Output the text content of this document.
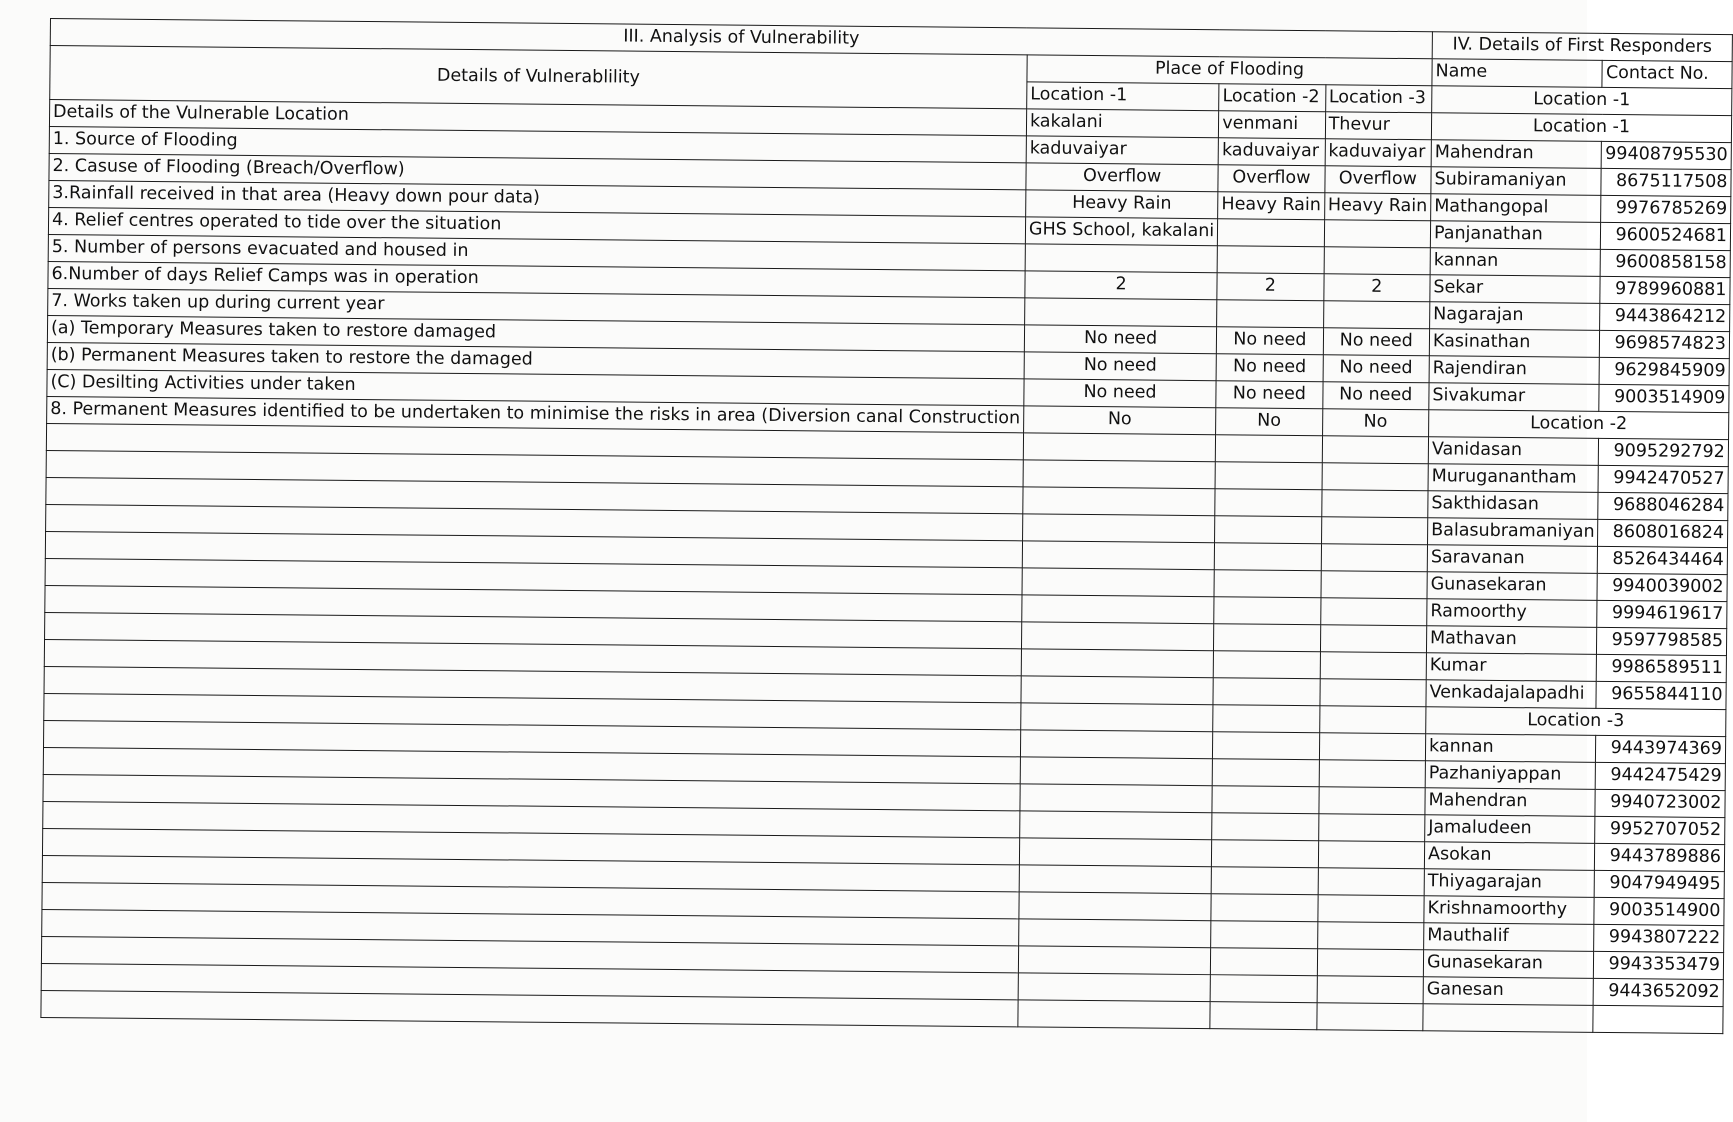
III. Analysis of Vulnerability				IV. Details of First Responders	
Details of Vulnerablility	Place of Flooding			Name	Contact No.
	Location -1	Location -2	Location -3	Location -1	
Details of the Vulnerable Location	kakalani	venmani	Thevur	Location -1	
1. Source of Flooding	kaduvaiyar	kaduvaiyar	kaduvaiyar	Mahendran	99408795530
2. Casuse of Flooding (Breach/Overflow)	Overflow	Overflow	Overflow	Subiramaniyan	8675117508
3.Rainfall received in that area (Heavy down pour data)	Heavy Rain	Heavy Rain	Heavy Rain	Mathangopal	9976785269
4. Relief centres operated to tide over the situation	GHS School, kakalani			Panjanathan	9600524681
5. Number of persons evacuated and housed in				kannan	9600858158
6.Number of days Relief Camps was in operation	2	2	2	Sekar	9789960881
7. Works taken up during current year				Nagarajan	9443864212
(a) Temporary Measures taken to restore damaged	No need	No need	No need	Kasinathan	9698574823
(b) Permanent Measures taken to restore the damaged	No need	No need	No need	Rajendiran	9629845909
(C) Desilting Activities under taken	No need	No need	No need	Sivakumar	9003514909
8. Permanent Measures identified to be undertaken to minimise the risks in area (Diversion canal Construction	No	No	No	Location -2	
				Vanidasan	9095292792
				Muruganantham	9942470527
				Sakthidasan	9688046284
				Balasubramaniyan	8608016824
				Saravanan	8526434464
				Gunasekaran	9940039002
				Ramoorthy	9994619617
				Mathavan	9597798585
				Kumar	9986589511
				Venkadajalapadhi	9655844110
				Location -3	
				kannan	9443974369
				Pazhaniyappan	9442475429
				Mahendran	9940723002
				Jamaludeen	9952707052
				Asokan	9443789886
				Thiyagarajan	9047949495
				Krishnamoorthy	9003514900
				Mauthalif	9943807222
				Gunasekaran	9943353479
				Ganesan	9443652092
